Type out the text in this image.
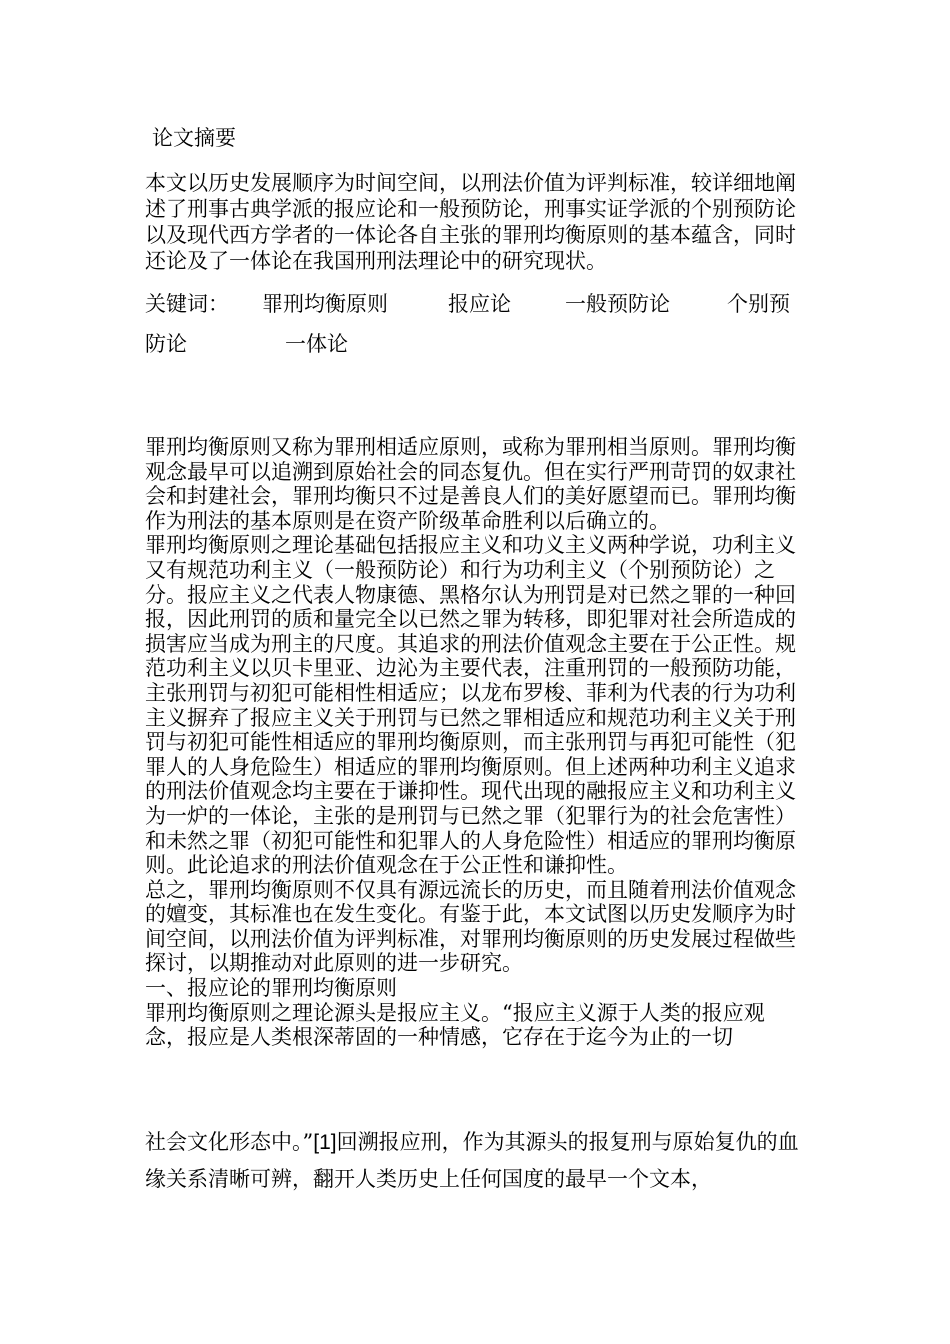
论文摘要

本文以历史发展顺序为时间空间，以刑法价值为评判标准，较详细地阐述了刑事古典学派的报应论和一般预防论，刑事实证学派的个别预防论以及现代西方学者的一体论各自主张的罪刑均衡原则的基本蕴含，同时还论及了一体论在我国刑刑法理论中的研究现状。

关键词： 罪刑均衡原则	报应论	一般预防论	个别预
防论	一体论

罪刑均衡原则又称为罪刑相适应原则，或称为罪刑相当原则。罪刑均衡观念最早可以追溯到原始社会的同态复仇。但在实行严刑苛罚的奴隶社会和封建社会，罪刑均衡只不过是善良人们的美好愿望而已。罪刑均衡作为刑法的基本原则是在资产阶级革命胜利以后确立的。

罪刑均衡原则之理论基础包括报应主义和功义主义两种学说，功利主义又有规范功利主义（一般预防论）和行为功利主义（个别预防论）之分。报应主义之代表人物康德、黑格尔认为刑罚是对已然之罪的一种回报，因此刑罚的质和量完全以已然之罪为转移，即犯罪对社会所造成的损害应当成为刑主的尺度。其追求的刑法价值观念主要在于公正性。规范功利主义以贝卡里亚、边沁为主要代表，注重刑罚的一般预防功能，主张刑罚与初犯可能相性相适应；以龙布罗梭、菲利为代表的行为功利主义摒弃了报应主义关于刑罚与已然之罪相适应和规范功利主义关于刑罚与初犯可能性相适应的罪刑均衡原则，而主张刑罚与再犯可能性（犯罪人的人身危险生）相适应的罪刑均衡原则。但上述两种功利主义追求的刑法价值观念均主要在于谦抑性。现代出现的融报应主义和功利主义为一炉的一体论，主张的是刑罚与已然之罪（犯罪行为的社会危害性）和未然之罪（初犯可能性和犯罪人的人身危险性）相适应的罪刑均衡原则。此论追求的刑法价值观念在于公正性和谦抑性。

总之，罪刑均衡原则不仅具有源远流长的历史，而且随着刑法价值观念的嬗变，其标准也在发生变化。有鉴于此，本文试图以历史发顺序为时间空间，以刑法价值为评判标准，对罪刑均衡原则的历史发展过程做些探讨，以期推动对此原则的进一步研究。

一、报应论的罪刑均衡原则

罪刑均衡原则之理论源头是报应主义。“报应主义源于人类的报应观念，报应是人类根深蒂固的一种情感，它存在于迄今为止的一切

社会文化形态中。”[1]回溯报应刑，作为其源头的报复刑与原始复仇的血缘关系清晰可辨，翻开人类历史上任何国度的最早一个文本，
